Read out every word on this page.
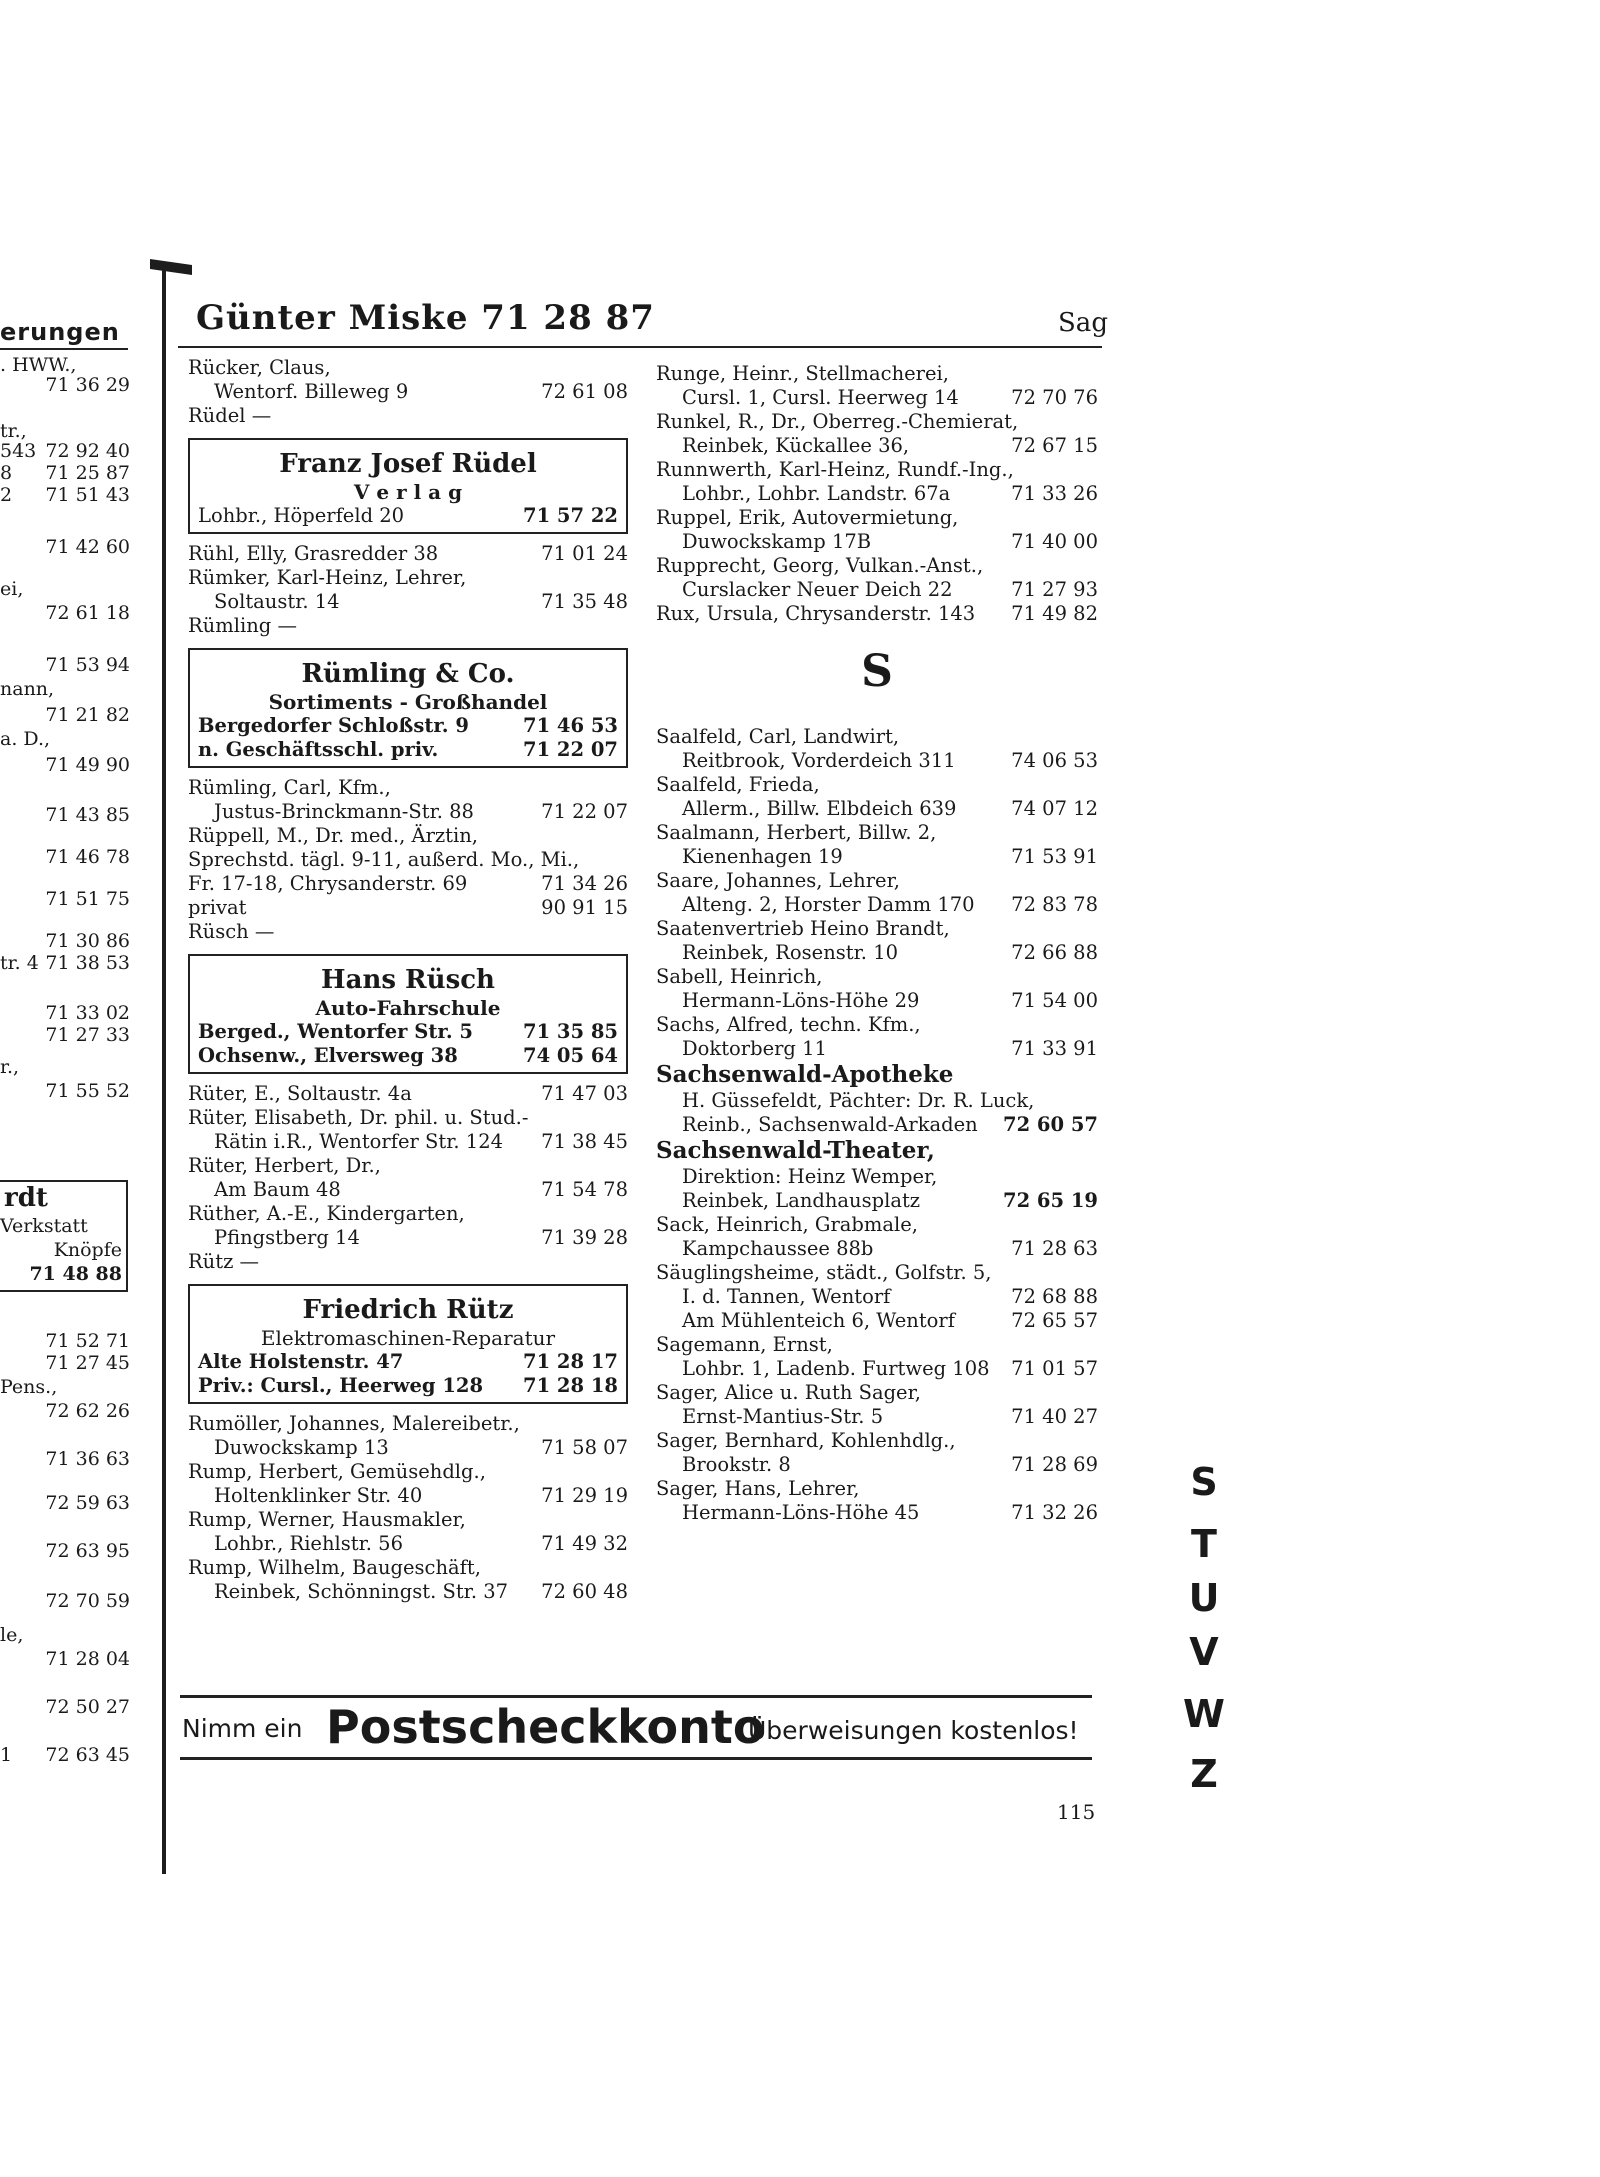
erungen
. HWW.,
71 36 29
tr.,
543 72 92 40
8 71 25 87
2 71 51 43
71 42 60
ei,
72 61 18
71 53 94
nann,
71 21 82
a. D.,
71 49 90
71 43 85
71 46 78
71 51 75
71 30 86
tr. 4 71 38 53
71 33 02
71 27 33
r.,
71 55 52
71 52 71
71 27 45
Pens.,
72 62 26
71 36 63
72 59 63
72 63 95
72 70 59
le,
71 28 04
72 50 27
1 72 63 45
rdt
Verkstatt
Knöpfe
71 48 88
Günter Miske 71 28 87	Sag
Rücker, Claus,
Wentorf. Billeweg 9	72 61 08
Rüdel —
Franz Josef Rüdel
V e r l a g
Lohbr., Höperfeld 20	71 57 22
Rühl, Elly, Grasredder 38	71 01 24
Rümker, Karl-Heinz, Lehrer,
Soltaustr. 14	71 35 48
Rümling —
Rümling & Co.
Sortiments - Großhandel
Bergedorfer Schloßstr. 9	71 46 53
n. Geschäftsschl. priv.	71 22 07
Rümling, Carl, Kfm.,
Justus-Brinckmann-Str. 88	71 22 07
Rüppell, M., Dr. med., Ärztin,
Sprechstd. tägl. 9-11, außerd. Mo., Mi.,
Fr. 17-18, Chrysanderstr. 69	71 34 26
privat	90 91 15
Rüsch —
Hans Rüsch
Auto-Fahrschule
Berged., Wentorfer Str. 5	71 35 85
Ochsenw., Elversweg 38	74 05 64
Rüter, E., Soltaustr. 4a	71 47 03
Rüter, Elisabeth, Dr. phil. u. Stud.-
Rätin i.R., Wentorfer Str. 124 71 38 45
Rüter, Herbert, Dr.,
Am Baum 48	71 54 78
Rüther, A.-E., Kindergarten,
Pfingstberg 14	71 39 28
Rütz —
Friedrich Rütz
Elektromaschinen-Reparatur
Alte Holstenstr. 47	71 28 17
Priv.: Cursl., Heerweg 128 71 28 18
Rumöller, Johannes, Malereibetr.,
Duwockskamp 13	71 58 07
Rump, Herbert, Gemüsehdlg.,
Holtenklinker Str. 40	71 29 19
Rump, Werner, Hausmakler,
Lohbr., Riehlstr. 56	71 49 32
Rump, Wilhelm, Baugeschäft,
Reinbek, Schönningst. Str. 37 72 60 48
Runge, Heinr., Stellmacherei,
Cursl. 1, Cursl. Heerweg 14	72 70 76
Runkel, R., Dr., Oberreg.-Chemierat,
Reinbek, Kückallee 36,	72 67 15
Runnwerth, Karl-Heinz, Rundf.-Ing.,
Lohbr., Lohbr. Landstr. 67a	71 33 26
Ruppel, Erik, Autovermietung,
Duwockskamp 17B	71 40 00
Rupprecht, Georg, Vulkan.-Anst.,
Curslacker Neuer Deich 22	71 27 93
Rux, Ursula, Chrysanderstr. 143 71 49 82
S
Saalfeld, Carl, Landwirt,
Reitbrook, Vorderdeich 311	74 06 53
Saalfeld, Frieda,
Allerm., Billw. Elbdeich 639	74 07 12
Saalmann, Herbert, Billw. 2,
Kienenhagen 19	71 53 91
Saare, Johannes, Lehrer,
Alteng. 2, Horster Damm 170 72 83 78
Saatenvertrieb Heino Brandt,
Reinbek, Rosenstr. 10	72 66 88
Sabell, Heinrich,
Hermann-Löns-Höhe 29	71 54 00
Sachs, Alfred, techn. Kfm.,
Doktorberg 11	71 33 91
Sachsenwald-Apotheke
H. Güssefeldt, Pächter: Dr. R. Luck,
Reinb., Sachsenwald-Arkaden 72 60 57
Sachsenwald-Theater,
Direktion: Heinz Wemper,
Reinbek, Landhausplatz	72 65 19
Sack, Heinrich, Grabmale,
Kampchaussee 88b	71 28 63
Säuglingsheime, städt., Golfstr. 5,
I. d. Tannen, Wentorf	72 68 88
Am Mühlenteich 6, Wentorf	72 65 57
Sagemann, Ernst,
Lohbr. 1, Ladenb. Furtweg 108 71 01 57
Sager, Alice u. Ruth Sager,
Ernst-Mantius-Str. 5	71 40 27
Sager, Bernhard, Kohlenhdlg.,
Brookstr. 8	71 28 69
Sager, Hans, Lehrer,
Hermann-Löns-Höhe 45	71 32 26
Nimm ein Postscheckkonto
Überweisungen kostenlos!
115
S
T
U
V
W
Z
